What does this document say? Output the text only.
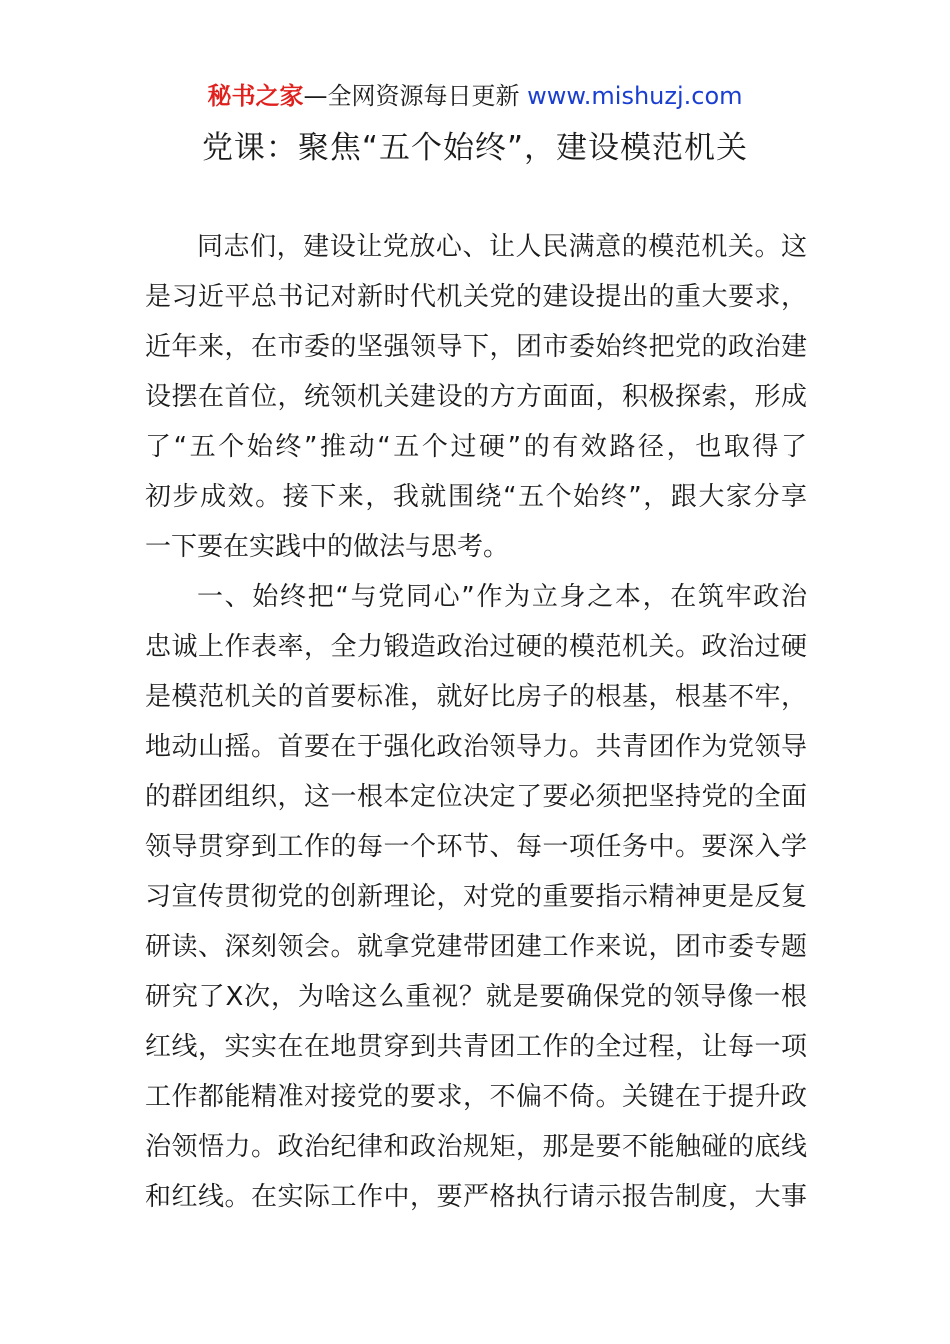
秘书之家—全网资源每日更新 www.mishuzj.com
党课：聚焦“五个始终”，建设模范机关
同志们，建设让党放心、让人民满意的模范机关。这
是习近平总书记对新时代机关党的建设提出的重大要求，
近年来，在市委的坚强领导下，团市委始终把党的政治建
设摆在首位，统领机关建设的方方面面，积极探索，形成
了“五个始终”推动“五个过硬”的有效路径，也取得了
初步成效。接下来，我就围绕“五个始终”，跟大家分享
一下要在实践中的做法与思考。
一、始终把“与党同心”作为立身之本，在筑牢政治
忠诚上作表率，全力锻造政治过硬的模范机关。政治过硬
是模范机关的首要标准，就好比房子的根基，根基不牢，
地动山摇。首要在于强化政治领导力。共青团作为党领导
的群团组织，这一根本定位决定了要必须把坚持党的全面
领导贯穿到工作的每一个环节、每一项任务中。要深入学
习宣传贯彻党的创新理论，对党的重要指示精神更是反复
研读、深刻领会。就拿党建带团建工作来说，团市委专题
研究了X次，为啥这么重视？就是要确保党的领导像一根
红线，实实在在地贯穿到共青团工作的全过程，让每一项
工作都能精准对接党的要求，不偏不倚。关键在于提升政
治领悟力。政治纪律和政治规矩，那是要不能触碰的底线
和红线。在实际工作中，要严格执行请示报告制度，大事
